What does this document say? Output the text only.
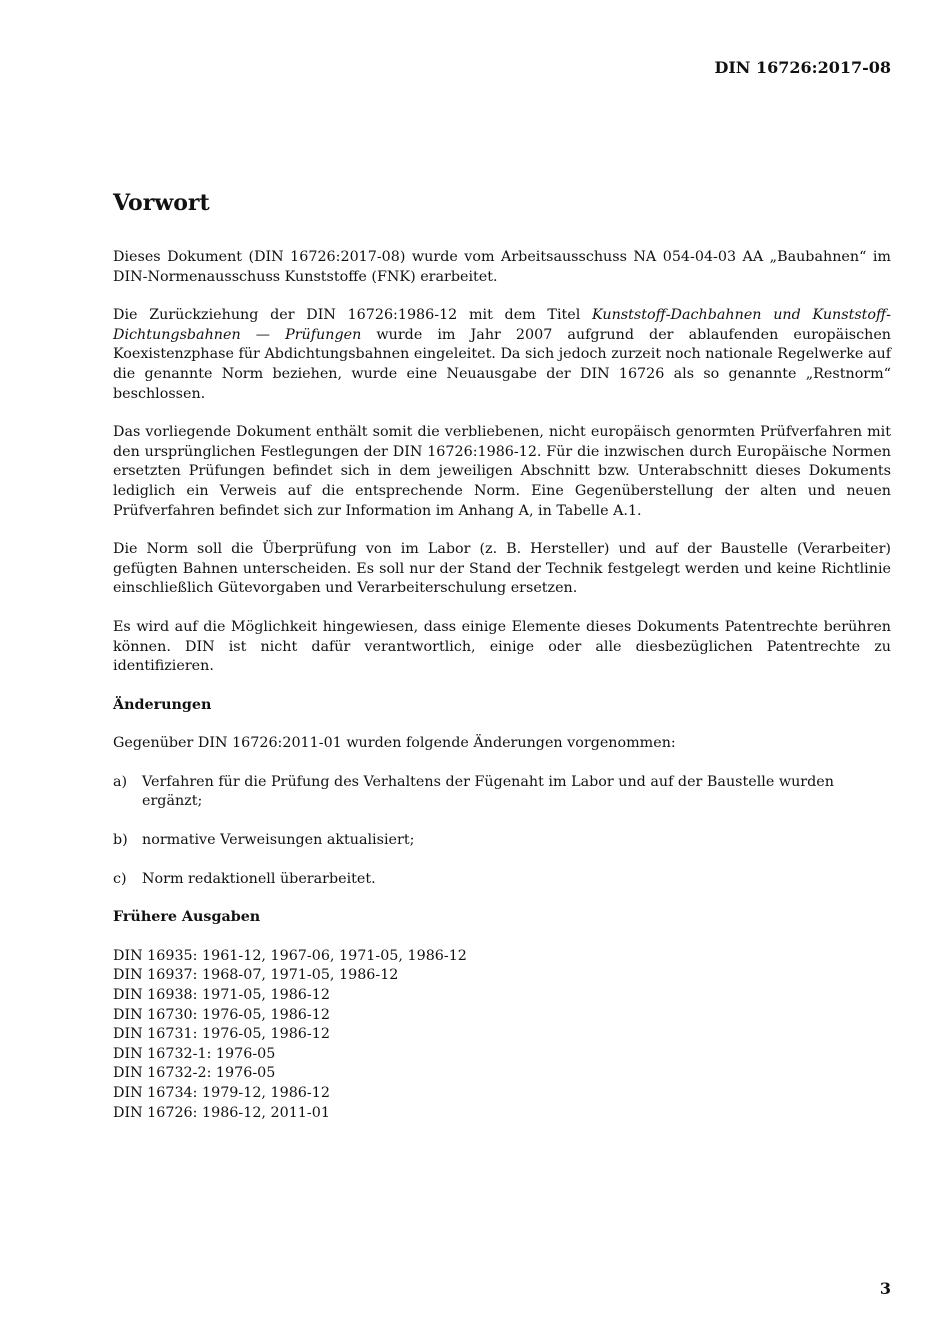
DIN 16726:2017-08
Vorwort

Dieses Dokument (DIN 16726:2017-08) wurde vom Arbeitsausschuss NA 054-04-03 AA „Baubahnen“ im DIN-Normenausschuss Kunststoffe (FNK) erarbeitet.

Die Zurückziehung der DIN 16726:1986-12 mit dem Titel Kunststoff-Dachbahnen und Kunststoff-Dichtungsbahnen — Prüfungen wurde im Jahr 2007 aufgrund der ablaufenden europäischen Koexistenzphase für Abdichtungsbahnen eingeleitet. Da sich jedoch zurzeit noch nationale Regelwerke auf die genannte Norm beziehen, wurde eine Neuausgabe der DIN 16726 als so genannte „Restnorm“ beschlossen.

Das vorliegende Dokument enthält somit die verbliebenen, nicht europäisch genormten Prüfverfahren mit den ursprünglichen Festlegungen der DIN 16726:1986-12. Für die inzwischen durch Europäische Normen ersetzten Prüfungen befindet sich in dem jeweiligen Abschnitt bzw. Unterabschnitt dieses Dokuments lediglich ein Verweis auf die entsprechende Norm. Eine Gegenüberstellung der alten und neuen Prüfverfahren befindet sich zur Information im Anhang A, in Tabelle A.1.

Die Norm soll die Überprüfung von im Labor (z. B. Hersteller) und auf der Baustelle (Verarbeiter) gefügten Bahnen unterscheiden. Es soll nur der Stand der Technik festgelegt werden und keine Richtlinie einschließlich Gütevorgaben und Verarbeiterschulung ersetzen.

Es wird auf die Möglichkeit hingewiesen, dass einige Elemente dieses Dokuments Patentrechte berühren können. DIN ist nicht dafür verantwortlich, einige oder alle diesbezüglichen Patentrechte zu identifizieren.

Änderungen

Gegenüber DIN 16726:2011-01 wurden folgende Änderungen vorgenommen:

a)	Verfahren für die Prüfung des Verhaltens der Fügenaht im Labor und auf der Baustelle wurden ergänzt;
b) normative Verweisungen aktualisiert;
c)	Norm redaktionell überarbeitet.
Frühere Ausgaben
DIN 16935: 1961-12, 1967-06, 1971-05, 1986-12
DIN 16937: 1968-07, 1971-05, 1986-12
DIN 16938: 1971-05, 1986-12
DIN 16730: 1976-05, 1986-12
DIN 16731: 1976-05, 1986-12
DIN 16732-1: 1976-05
DIN 16732-2: 1976-05
DIN 16734: 1979-12, 1986-12
DIN 16726: 1986-12, 2011-01
3
